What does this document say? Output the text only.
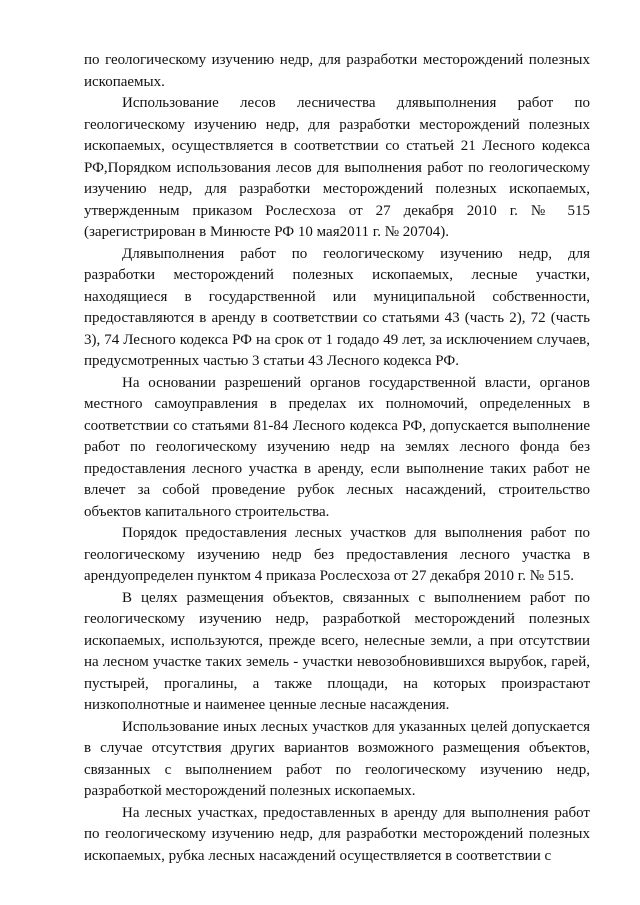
по геологическому изучению недр, для разработки месторождений полезных ископаемых.

Использование лесов лесничества длявыполнения работ по геологическому изучению недр, для разработки месторождений полезных ископаемых, осуществляется в соответствии со статьей 21 Лесного кодекса РФ,Порядком использования лесов для выполнения работ по геологическому изучению недр, для разработки месторождений полезных ископаемых, утвержденным приказом Рослесхоза от 27 декабря 2010 г. № 515 (зарегистрирован в Минюсте РФ 10 мая2011 г. № 20704).

Длявыполнения работ по геологическому изучению недр, для разработки месторождений полезных ископаемых, лесные участки, находящиеся в государственной или муниципальной собственности, предоставляются в аренду в соответствии со статьями 43 (часть 2), 72 (часть 3), 74 Лесного кодекса РФ на срок от 1 годадо 49 лет, за исключением случаев, предусмотренных частью 3 статьи 43 Лесного кодекса РФ.

На основании разрешений органов государственной власти, органов местного самоуправления в пределах их полномочий, определенных в соответствии со статьями 81-84 Лесного кодекса РФ, допускается выполнение работ по геологическому изучению недр на землях лесного фонда без предоставления лесного участка в аренду, если выполнение таких работ не влечет за собой проведение рубок лесных насаждений, строительство объектов капитального строительства.

Порядок предоставления лесных участков для выполнения работ по геологическому изучению недр без предоставления лесного участка в арендуопределен пунктом 4 приказа Рослесхоза от 27 декабря 2010 г. № 515.

В целях размещения объектов, связанных с выполнением работ по геологическому изучению недр, разработкой месторождений полезных ископаемых, используются, прежде всего, нелесные земли, а при отсутствии на лесном участке таких земель - участки невозобновившихся вырубок, гарей, пустырей, прогалины, а также площади, на которых произрастают низкополнотные и наименее ценные лесные насаждения.

Использование иных лесных участков для указанных целей допускается в случае отсутствия других вариантов возможного размещения объектов, связанных с выполнением работ по геологическому изучению недр, разработкой месторождений полезных ископаемых.

На лесных участках, предоставленных в аренду для выполнения работ по геологическому изучению недр, для разработки месторождений полезных ископаемых, рубка лесных насаждений осуществляется в соответствии с
